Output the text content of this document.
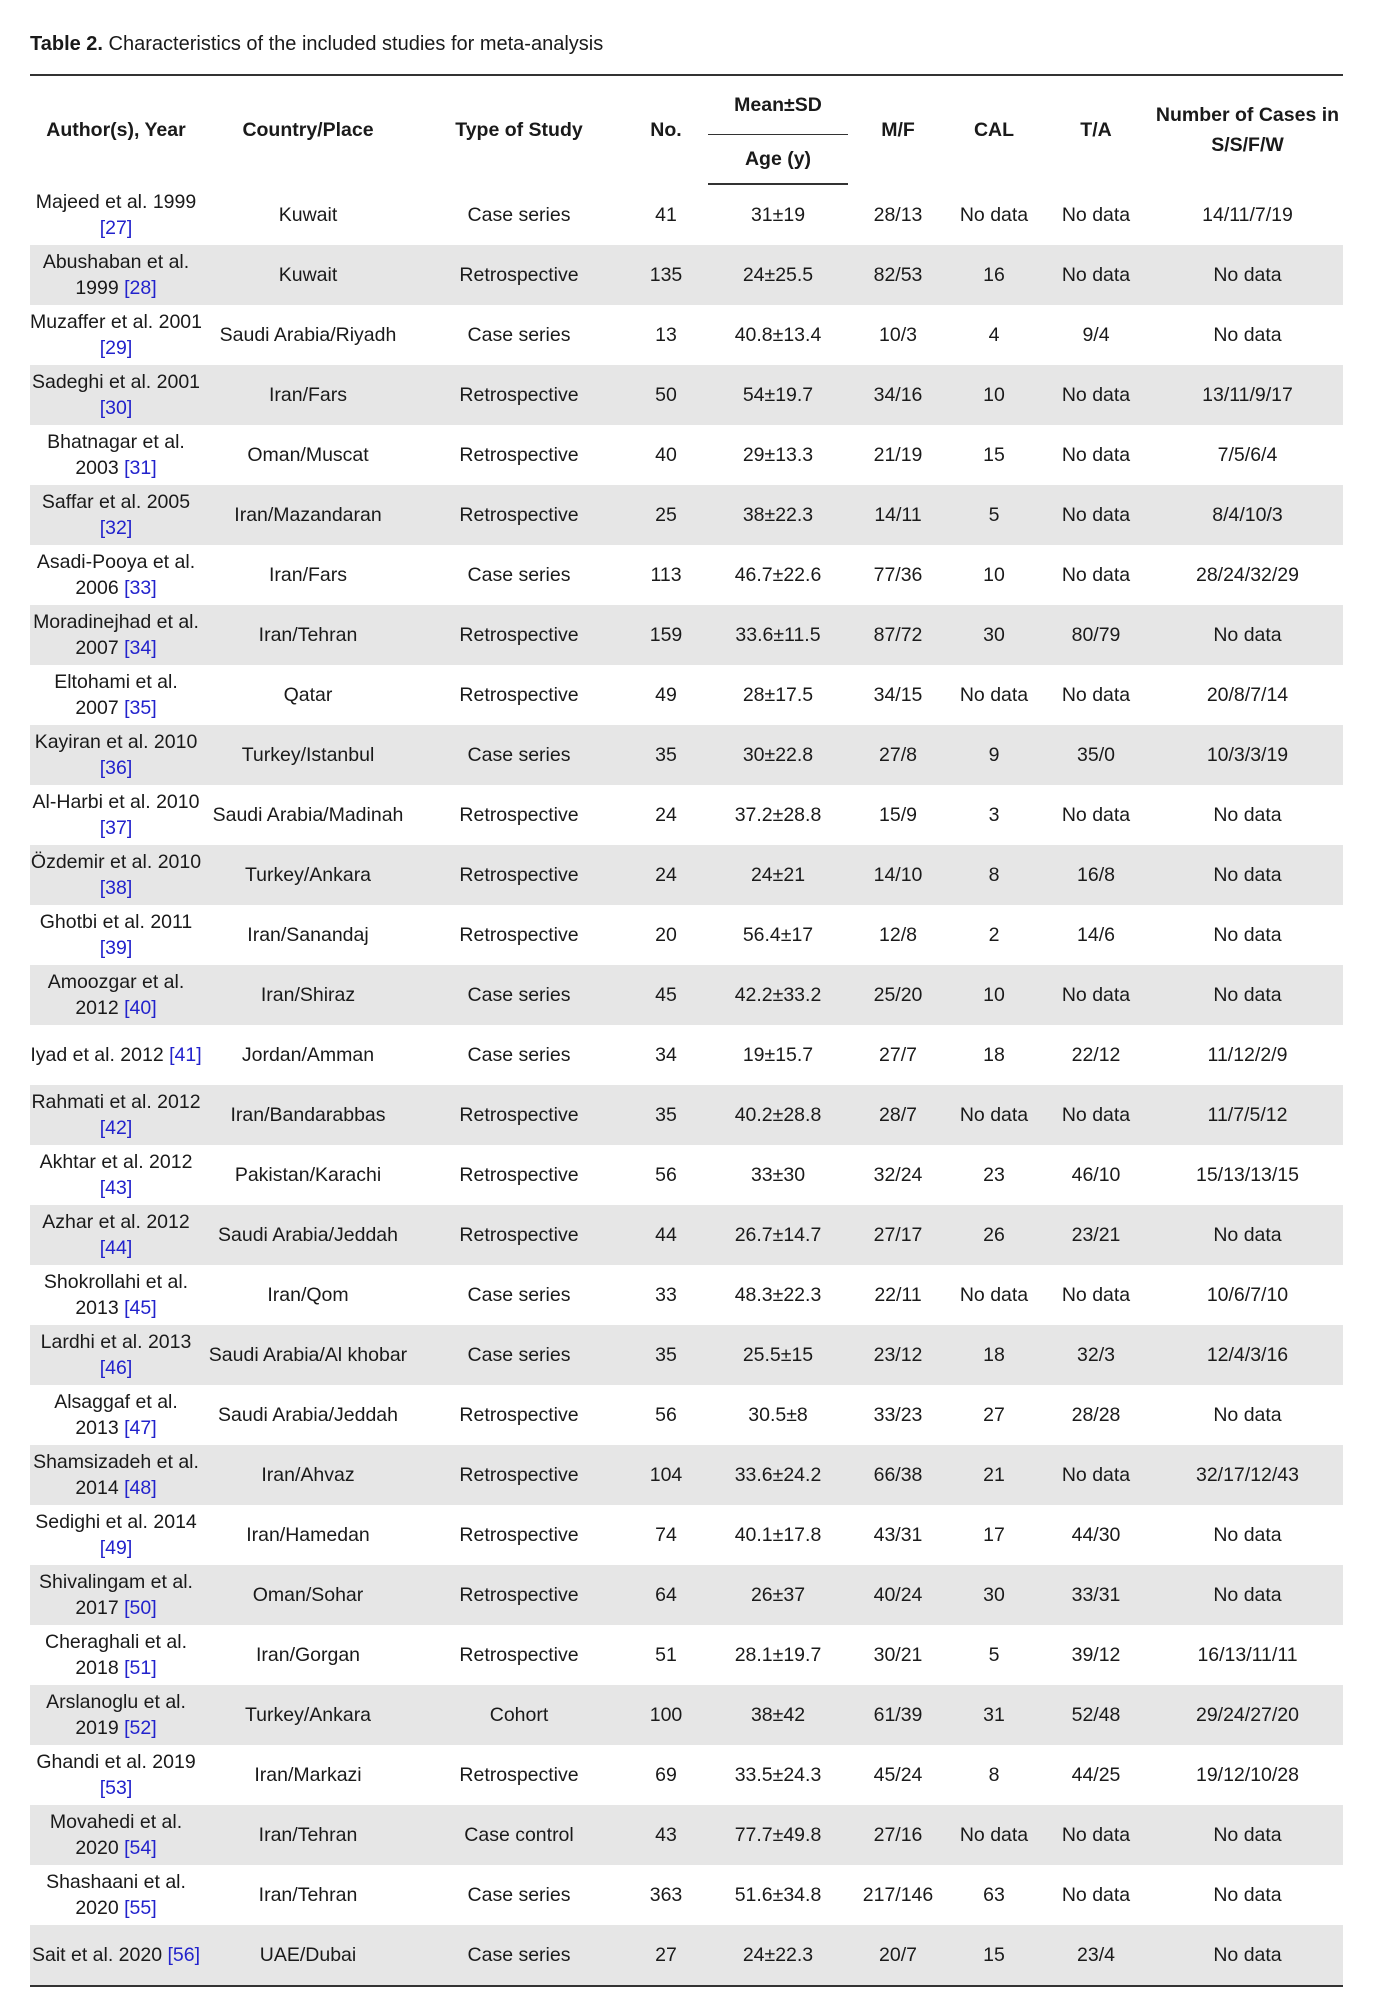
Table 2. Characteristics of the included studies for meta-analysis
Author(s), Year	Country/Place	Type of Study	No.	Mean±SD	M/F	CAL	T/A	Number of Cases in S/S/F/W
				Age (y)				
Majeed et al. 1999 [27]	Kuwait	Case series	41	31±19	28/13	No data	No data	14/11/7/19
Abushaban et al. 1999 [28]	Kuwait	Retrospective	135	24±25.5	82/53	16	No data	No data
Muzaffer et al. 2001 [29]	Saudi Arabia/Riyadh	Case series	13	40.8±13.4	10/3	4	9/4	No data
Sadeghi et al. 2001 [30]	Iran/Fars	Retrospective	50	54±19.7	34/16	10	No data	13/11/9/17
Bhatnagar et al. 2003 [31]	Oman/Muscat	Retrospective	40	29±13.3	21/19	15	No data	7/5/6/4
Saffar et al. 2005 [32]	Iran/Mazandaran	Retrospective	25	38±22.3	14/11	5	No data	8/4/10/3
Asadi-Pooya et al. 2006 [33]	Iran/Fars	Case series	113	46.7±22.6	77/36	10	No data	28/24/32/29
Moradinejhad et al. 2007 [34]	Iran/Tehran	Retrospective	159	33.6±11.5	87/72	30	80/79	No data
Eltohami et al. 2007 [35]	Qatar	Retrospective	49	28±17.5	34/15	No data	No data	20/8/7/14
Kayiran et al. 2010 [36]	Turkey/Istanbul	Case series	35	30±22.8	27/8	9	35/0	10/3/3/19
Al-Harbi et al. 2010 [37]	Saudi Arabia/Madinah	Retrospective	24	37.2±28.8	15/9	3	No data	No data
Özdemir et al. 2010 [38]	Turkey/Ankara	Retrospective	24	24±21	14/10	8	16/8	No data
Ghotbi et al. 2011 [39]	Iran/Sanandaj	Retrospective	20	56.4±17	12/8	2	14/6	No data
Amoozgar et al. 2012 [40]	Iran/Shiraz	Case series	45	42.2±33.2	25/20	10	No data	No data
Iyad et al. 2012 [41]	Jordan/Amman	Case series	34	19±15.7	27/7	18	22/12	11/12/2/9
Rahmati et al. 2012 [42]	Iran/Bandarabbas	Retrospective	35	40.2±28.8	28/7	No data	No data	11/7/5/12
Akhtar et al. 2012 [43]	Pakistan/Karachi	Retrospective	56	33±30	32/24	23	46/10	15/13/13/15
Azhar et al. 2012 [44]	Saudi Arabia/Jeddah	Retrospective	44	26.7±14.7	27/17	26	23/21	No data
Shokrollahi et al. 2013 [45]	Iran/Qom	Case series	33	48.3±22.3	22/11	No data	No data	10/6/7/10
Lardhi et al. 2013 [46]	Saudi Arabia/Al khobar	Case series	35	25.5±15	23/12	18	32/3	12/4/3/16
Alsaggaf et al. 2013 [47]	Saudi Arabia/Jeddah	Retrospective	56	30.5±8	33/23	27	28/28	No data
Shamsizadeh et al. 2014 [48]	Iran/Ahvaz	Retrospective	104	33.6±24.2	66/38	21	No data	32/17/12/43
Sedighi et al. 2014 [49]	Iran/Hamedan	Retrospective	74	40.1±17.8	43/31	17	44/30	No data
Shivalingam et al. 2017 [50]	Oman/Sohar	Retrospective	64	26±37	40/24	30	33/31	No data
Cheraghali et al. 2018 [51]	Iran/Gorgan	Retrospective	51	28.1±19.7	30/21	5	39/12	16/13/11/11
Arslanoglu et al. 2019 [52]	Turkey/Ankara	Cohort	100	38±42	61/39	31	52/48	29/24/27/20
Ghandi et al. 2019 [53]	Iran/Markazi	Retrospective	69	33.5±24.3	45/24	8	44/25	19/12/10/28
Movahedi et al. 2020 [54]	Iran/Tehran	Case control	43	77.7±49.8	27/16	No data	No data	No data
Shashaani et al. 2020 [55]	Iran/Tehran	Case series	363	51.6±34.8	217/146	63	No data	No data
Sait et al. 2020 [56]	UAE/Dubai	Case series	27	24±22.3	20/7	15	23/4	No data
